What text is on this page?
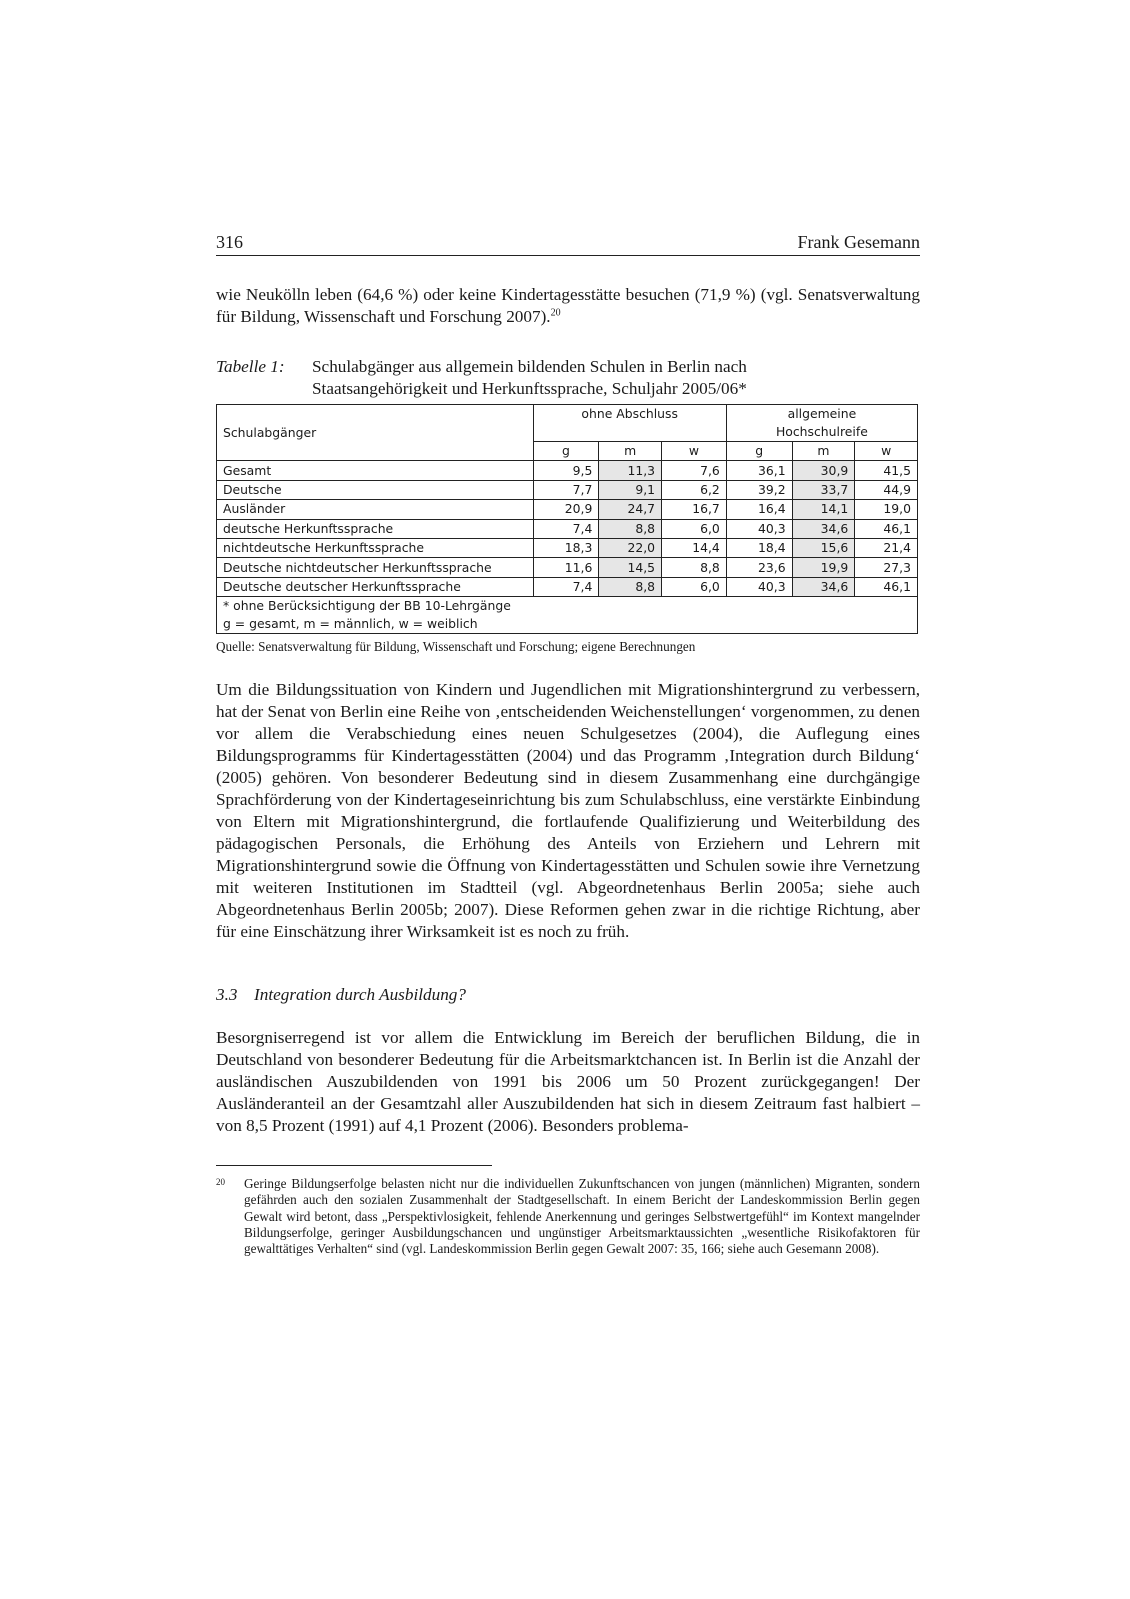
316	Frank Gesemann

wie Neukölln leben (64,6 %) oder keine Kindertagesstätte besuchen (71,9 %) (vgl. Senatsverwaltung für Bildung, Wissenschaft und Forschung 2007).$^{20}$

Tabelle 1:	Schulabgänger aus allgemein bildenden Schulen in Berlin nach
Staatsangehörigkeit und Herkunftssprache, Schuljahr 2005/06*
Schulabgänger	ohne Abschluss			allgemeine
Hochschulreife		
	g	m	w	g	m	w
Gesamt	9,5	11,3	7,6	36,1	30,9	41,5
Deutsche	7,7	9,1	6,2	39,2	33,7	44,9
Ausländer	20,9	24,7	16,7	16,4	14,1	19,0
deutsche Herkunftssprache	7,4	8,8	6,0	40,3	34,6	46,1
nichtdeutsche Herkunftssprache	18,3	22,0	14,4	18,4	15,6	21,4
Deutsche nichtdeutscher Herkunftssprache	11,6	14,5	8,8	23,6	19,9	27,3
Deutsche deutscher Herkunftssprache	7,4	8,8	6,0	40,3	34,6	46,1

* ohne Berücksichtigung der BB 10-Lehrgänge
g = gesamt, m = männlich, w = weiblich						
Quelle: Senatsverwaltung für Bildung, Wissenschaft und Forschung; eigene Berechnungen

Um die Bildungssituation von Kindern und Jugendlichen mit Migrationshintergrund zu verbessern, hat der Senat von Berlin eine Reihe von ‚entscheidenden Weichenstellungen‘ vorgenommen, zu denen vor allem die Verabschiedung eines neuen Schulgesetzes (2004), die Auflegung eines Bildungsprogramms für Kindertagesstätten (2004) und das Programm ‚Integration durch Bildung‘ (2005) gehören. Von besonderer Bedeutung sind in diesem Zusammenhang eine durchgängige Sprachförderung von der Kindertageseinrichtung bis zum Schulabschluss, eine verstärkte Einbindung von Eltern mit Migrationshintergrund, die fortlaufende Qualifizierung und Weiterbildung des pädagogischen Personals, die Erhöhung des Anteils von Erziehern und Lehrern mit Migrationshintergrund sowie die Öffnung von Kindertagesstätten und Schulen sowie ihre Vernetzung mit weiteren Institutionen im Stadtteil (vgl. Abgeordnetenhaus Berlin 2005a; siehe auch Abgeordnetenhaus Berlin 2005b; 2007). Diese Reformen gehen zwar in die richtige Richtung, aber für eine Einschätzung ihrer Wirksamkeit ist es noch zu früh.

3.3 Integration durch Ausbildung?

Besorgniserregend ist vor allem die Entwicklung im Bereich der beruflichen Bildung, die in Deutschland von besonderer Bedeutung für die Arbeitsmarktchancen ist. In Berlin ist die Anzahl der ausländischen Auszubildenden von 1991 bis 2006 um 50 Prozent zurückgegangen! Der Ausländeranteil an der Gesamtzahl aller Auszubildenden hat sich in diesem Zeitraum fast halbiert – von 8,5 Prozent (1991) auf 4,1 Prozent (2006). Besonders problema-

20	Geringe Bildungserfolge belasten nicht nur die individuellen Zukunftschancen von jungen (männlichen) Migranten, sondern gefährden auch den sozialen Zusammenhalt der Stadtgesellschaft. In einem Bericht der Landeskommission Berlin gegen Gewalt wird betont, dass „Perspektivlosigkeit, fehlende Anerkennung und geringes Selbstwertgefühl“ im Kontext mangelnder Bildungserfolge, geringer Ausbildungschancen und ungünstiger Arbeitsmarktaussichten „wesentliche Risikofaktoren für gewalttätiges Verhalten“ sind (vgl. Landeskommission Berlin gegen Gewalt 2007: 35, 166; siehe auch Gesemann 2008).
